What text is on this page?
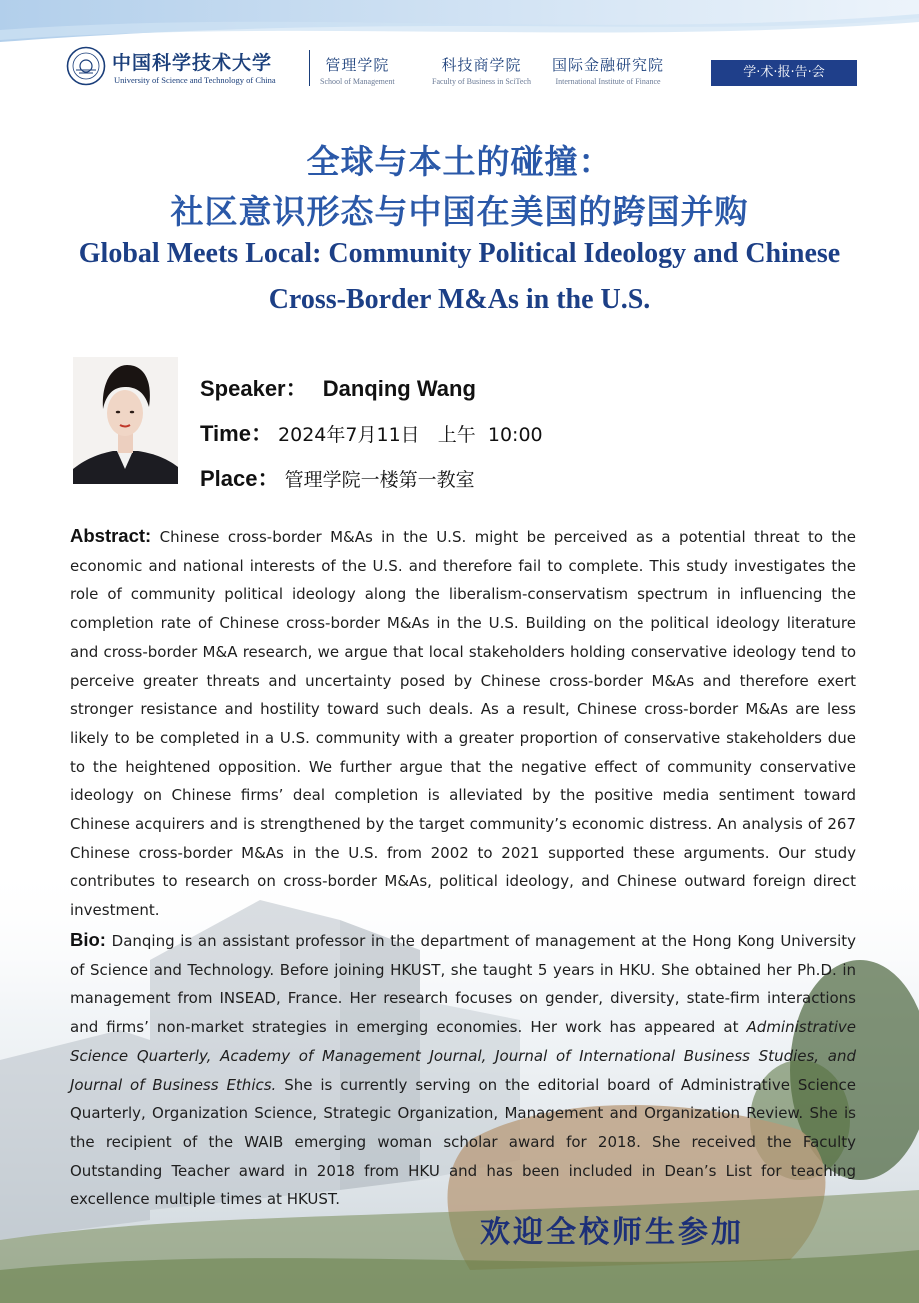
中国科学技术大学
University of Science and Technology of China
管理学院
School of Management
科技商学院
Faculty of Business in SciTech
国际金融研究院
International Institute of Finance
学·术·报·告·会
全球与本土的碰撞：
社区意识形态与中国在美国的跨国并购
Global Meets Local: Community Political Ideology and Chinese
Cross-Border M&As in the U.S.
Speaker： Danqing Wang
Time： 2024年7月11日   上午  10:00
Place： 管理学院一楼第一教室
Abstract: Chinese cross-border M&As in the U.S. might be perceived as a potential threat to the economic and national interests of the U.S. and therefore fail to complete. This study investigates the role of community political ideology along the liberalism-conservatism spectrum in influencing the completion rate of Chinese cross-border M&As in the U.S. Building on the political ideology literature and cross-border M&A research, we argue that local stakeholders holding conservative ideology tend to perceive greater threats and uncertainty posed by Chinese cross-border M&As and therefore exert stronger resistance and hostility toward such deals. As a result, Chinese cross-border M&As are less likely to be completed in a U.S. community with a greater proportion of conservative stakeholders due to the heightened opposition. We further argue that the negative effect of community conservative ideology on Chinese firms’ deal completion is alleviated by the positive media sentiment toward Chinese acquirers and is strengthened by the target community’s economic distress. An analysis of 267 Chinese cross-border M&As in the U.S. from 2002 to 2021 supported these arguments. Our study contributes to research on cross-border M&As, political ideology, and Chinese outward foreign direct investment.
Bio: Danqing is an assistant professor in the department of management at the Hong Kong University of Science and Technology. Before joining HKUST, she taught 5 years in HKU. She obtained her Ph.D. in management from INSEAD, France. Her research focuses on gender, diversity, state-firm interactions and firms’ non-market strategies in emerging economies. Her work has appeared at Administrative Science Quarterly, Academy of Management Journal, Journal of International Business Studies, and Journal of Business Ethics. She is currently serving on the editorial board of Administrative Science Quarterly, Organization Science, Strategic Organization, Management and Organization Review. She is the recipient of the WAIB emerging woman scholar award for 2018. She received the Faculty Outstanding Teacher award in 2018 from HKU and has been included in Dean’s List for teaching excellence multiple times at HKUST.
欢迎全校师生参加
